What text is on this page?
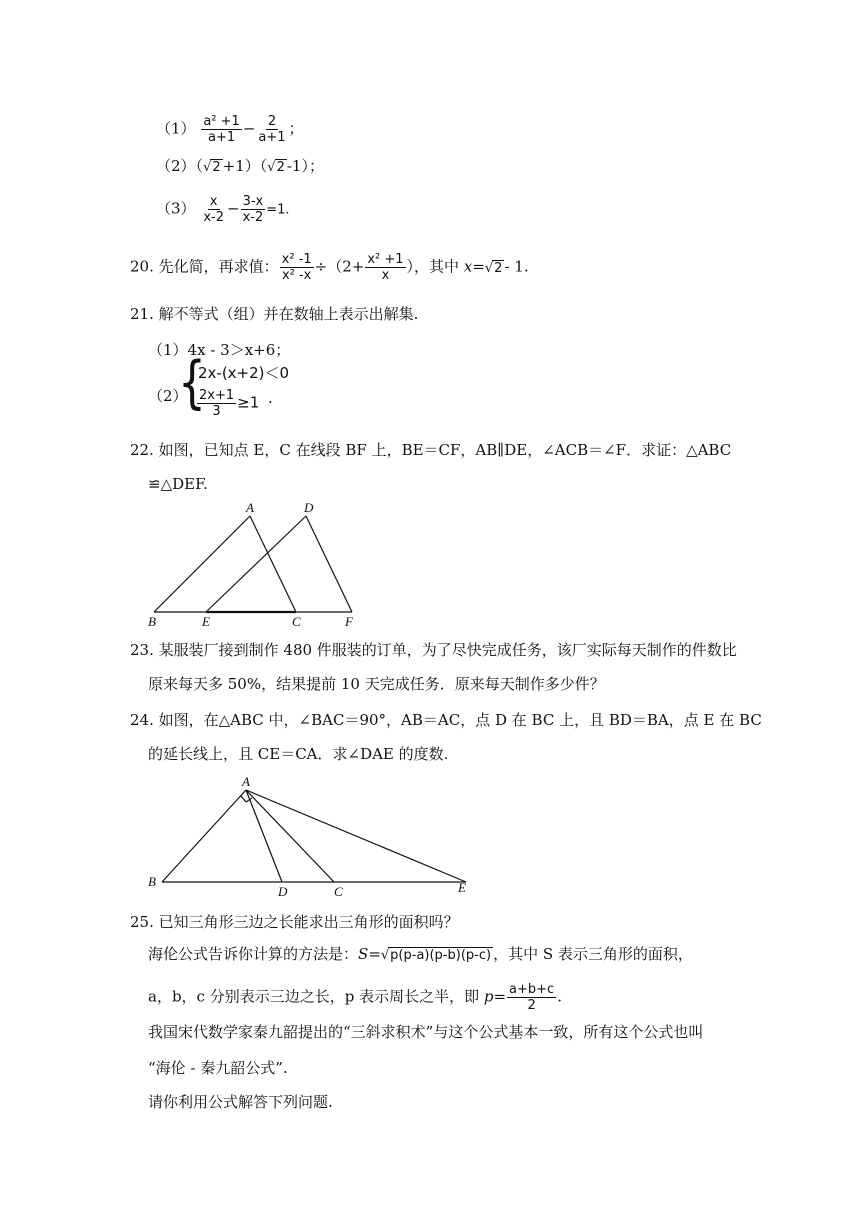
$(1) \frac{\text{a² +1}}{a+1} - \frac{2}{a+1}$ ；
（2）（√2 +1）（√2 -1）；
$(3) \frac{x}{x-2} - \frac{3-x}{x-2} =1$.
20. 先化简，再求值： $\frac{\text{x² -1}}{\text{x² -x}} \div(2+ \frac{\text{x² +1}}{x}$ ），其中 x=√2 - 1.
21. 解不等式（组）并在数轴上表示出解集.
（1）4x - 3＞x+6；
（2）
{
2x-(x+2)＜0
$\frac{2x+1}{3} \ge 1$ .
22. 如图，已知点 E，C 在线段 BF 上，BE＝CF，AB∥DE，∠ACB＝∠F．求证：△ABC
≌△DEF.
A	D
B	E	C	F
23. 某服装厂接到制作 480 件服装的订单，为了尽快完成任务，该厂实际每天制作的件数比
原来每天多 50%，结果提前 10 天完成任务．原来每天制作多少件？
24. 如图，在△ABC 中，∠BAC＝90°，AB＝AC，点 D 在 BC 上，且 BD＝BA，点 E 在 BC
的延长线上，且 CE＝CA．求∠DAE 的度数.
A
B
D	C	E
25. 已知三角形三边之长能求出三角形的面积吗？
海伦公式告诉你计算的方法是：S=√p(p-a)(p-b)(p-c) ，其中 S 表示三角形的面积，
a，b，c 分别表示三边之长，p 表示周长之半，即 $p= \frac{a+b+c}{2}$ .
我国宋代数学家秦九韶提出的“三斜求积术”与这个公式基本一致，所有这个公式也叫
“海伦 - 秦九韶公式”.
请你利用公式解答下列问题.
